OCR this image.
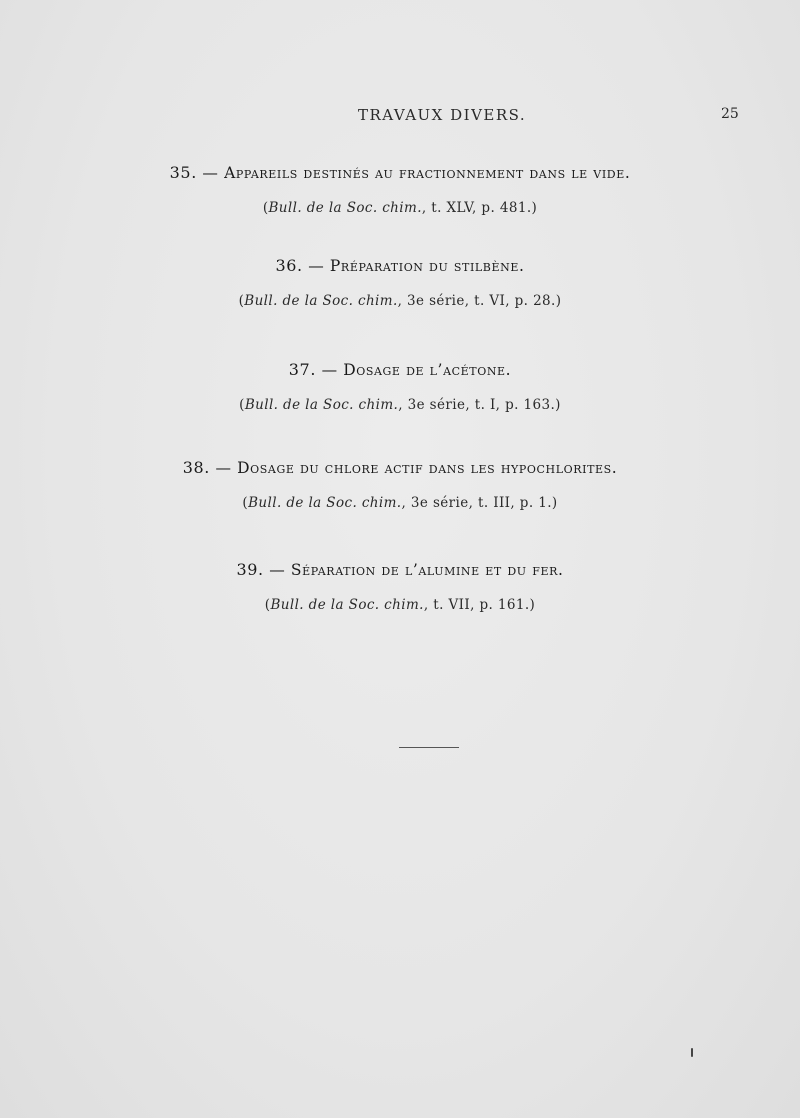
TRAVAUX DIVERS.	25
35. — Appareils destinés au fractionnement dans le vide.
(Bull. de la Soc. chim., t. XLV, p. 481.)
36. — Préparation du stilbène.
(Bull. de la Soc. chim., 3e série, t. VI, p. 28.)
37. — Dosage de l’acétone.
(Bull. de la Soc. chim., 3e série, t. I, p. 163.)
38. — Dosage du chlore actif dans les hypochlorites.
(Bull. de la Soc. chim., 3e série, t. III, p. 1.)
39. — Séparation de l’alumine et du fer.
(Bull. de la Soc. chim., t. VII, p. 161.)
